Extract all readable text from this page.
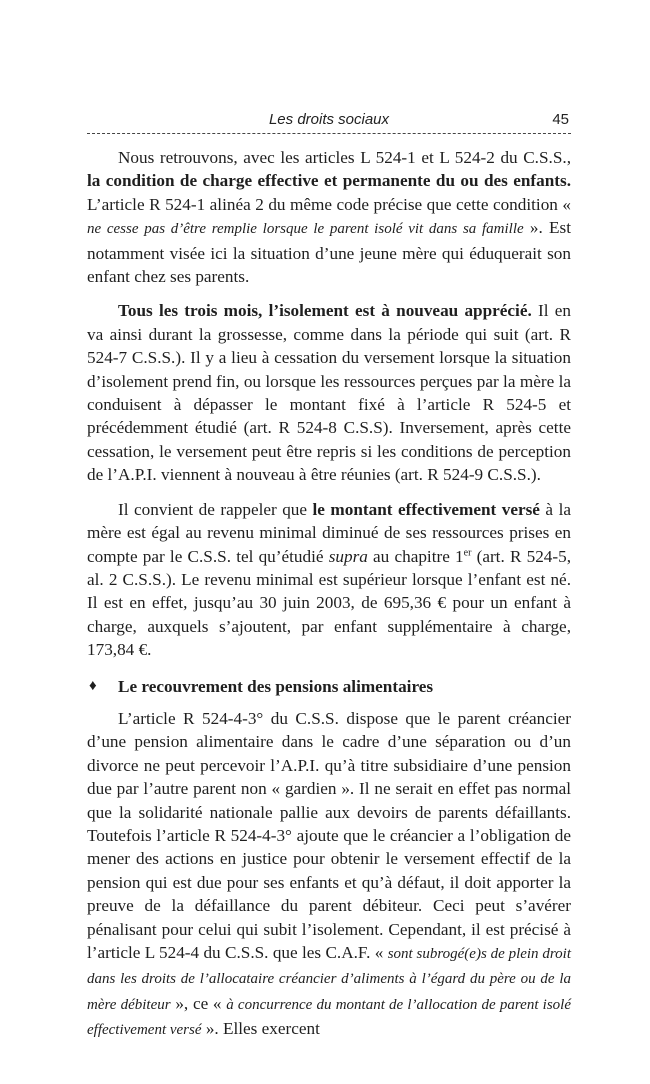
Les droits sociaux	45

Nous retrouvons, avec les articles L 524-1 et L 524-2 du C.S.S., la condition de charge effective et permanente du ou des enfants. L’article R 524-1 alinéa 2 du même code précise que cette condition « ne cesse pas d’être remplie lorsque le parent isolé vit dans sa famille ». Est notamment visée ici la situation d’une jeune mère qui éduquerait son enfant chez ses parents.

Tous les trois mois, l’isolement est à nouveau apprécié. Il en va ainsi durant la grossesse, comme dans la période qui suit (art. R 524-7 C.S.S.). Il y a lieu à cessation du versement lorsque la situation d’isolement prend fin, ou lorsque les ressources perçues par la mère la conduisent à dépasser le montant fixé à l’article R 524-5 et précédemment étudié (art. R 524-8 C.S.S). Inversement, après cette cessation, le versement peut être repris si les conditions de perception de l’A.P.I. viennent à nouveau à être réunies (art. R 524-9 C.S.S.).

Il convient de rappeler que le montant effectivement versé à la mère est égal au revenu minimal diminué de ses ressources prises en compte par le C.S.S. tel qu’étudié supra au chapitre 1er (art. R 524-5, al. 2 C.S.S.). Le revenu minimal est supérieur lorsque l’enfant est né. Il est en effet, jusqu’au 30 juin 2003, de 695,36 € pour un enfant à charge, auxquels s’ajoutent, par enfant supplémentaire à charge, 173,84 €.

♦ Le recouvrement des pensions alimentaires

L’article R 524-4-3° du C.S.S. dispose que le parent créancier d’une pension alimentaire dans le cadre d’une séparation ou d’un divorce ne peut percevoir l’A.P.I. qu’à titre subsidiaire d’une pension due par l’autre parent non « gardien ». Il ne serait en effet pas normal que la solidarité nationale pallie aux devoirs de parents défaillants. Toutefois l’article R 524-4-3° ajoute que le créancier a l’obligation de mener des actions en justice pour obtenir le versement effectif de la pension qui est due pour ses enfants et qu’à défaut, il doit apporter la preuve de la défaillance du parent débiteur. Ceci peut s’avérer pénalisant pour celui qui subit l’isolement. Cependant, il est précisé à l’article L 524-4 du C.S.S. que les C.A.F. « sont subrogé(e)s de plein droit dans les droits de l’allocataire créancier d’aliments à l’égard du père ou de la mère débiteur », ce « à concurrence du montant de l’allocation de parent isolé effectivement versé ». Elles exercent
